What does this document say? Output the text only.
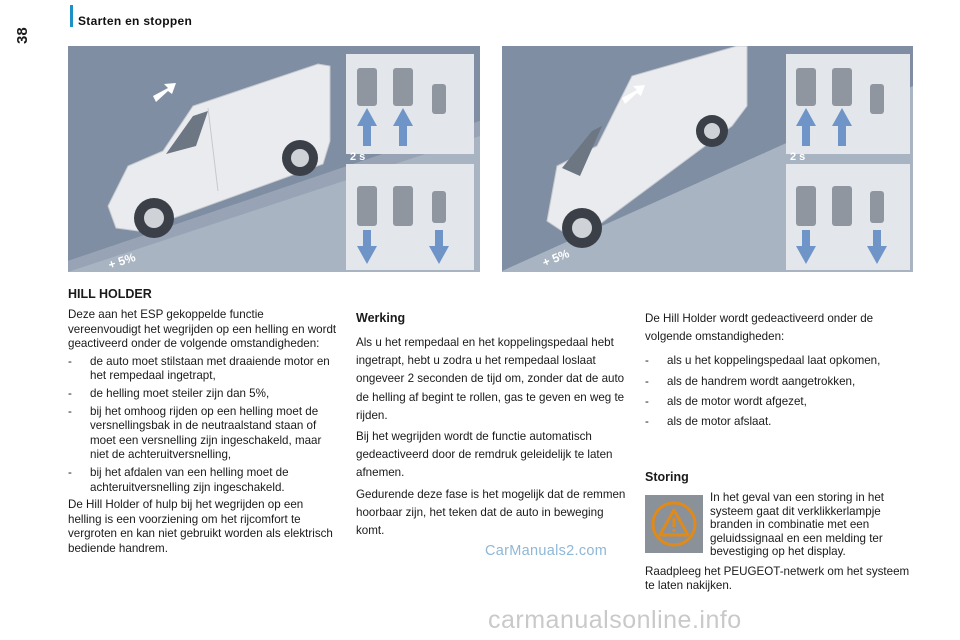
Starten en stoppen
38
2 s
+ 5%
2 s
+ 5%
HILL HOLDER

Deze aan het ESP gekoppelde functie vereenvoudigt het wegrijden op een helling en wordt geactiveerd onder de volgende omstandigheden:

- de auto moet stilstaan met draaiende motor en het rempedaal ingetrapt,
- de helling moet steiler zijn dan 5%,
- bij het omhoog rijden op een helling moet de versnellingsbak in de neutraalstand staan of moet een versnelling zijn ingeschakeld, maar niet de achteruitversnelling,
- bij het afdalen van een helling moet de achteruitversnelling zijn ingeschakeld.

De Hill Holder of hulp bij het wegrijden op een helling is een voorziening om het rijcomfort te vergroten en kan niet gebruikt worden als elektrisch bediende handrem.

Werking

Als u het rempedaal en het koppelingspedaal hebt ingetrapt, hebt u zodra u het rempedaal loslaat ongeveer 2 seconden de tijd om, zonder dat de auto de helling af begint te rollen, gas te geven en weg te rijden.

Bij het wegrijden wordt de functie automatisch gedeactiveerd door de remdruk geleidelijk te laten afnemen.

Gedurende deze fase is het mogelijk dat de remmen hoorbaar zijn, het teken dat de auto in beweging komt.

De Hill Holder wordt gedeactiveerd onder de volgende omstandigheden:

- als u het koppelingspedaal laat opkomen,
- als de handrem wordt aangetrokken,
- als de motor wordt afgezet,
- als de motor afslaat.
Storing
In het geval van een storing in het systeem gaat dit verklikkerlampje branden in combinatie met een geluidssignaal en een melding ter bevestiging op het display.
Raadpleeg het PEUGEOT-netwerk om het systeem te laten nakijken.
CarManuals2.com
carmanualsonline.info
